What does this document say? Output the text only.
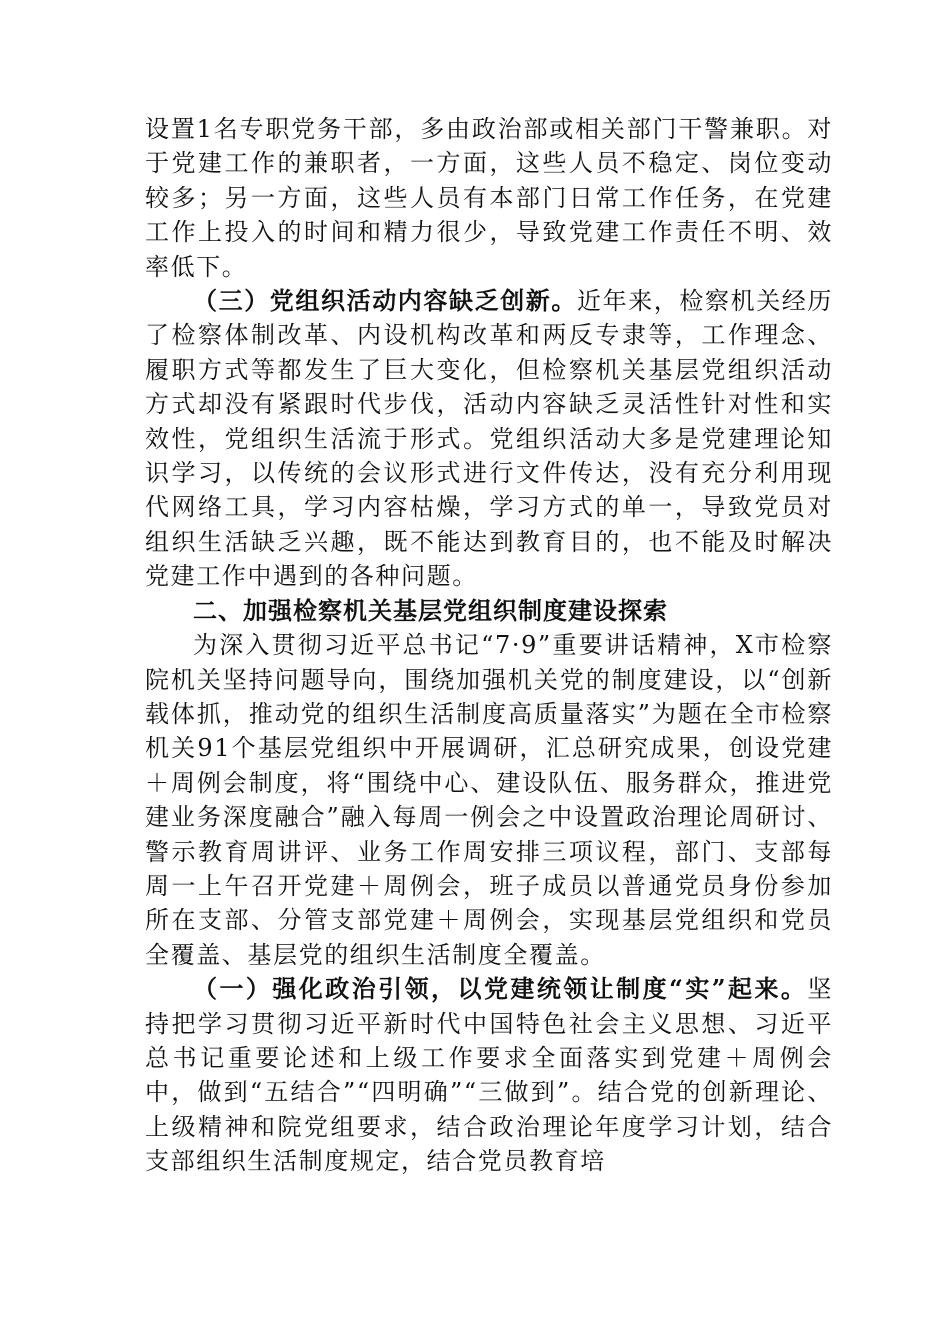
设置1名专职党务干部，多由政治部或相关部门干警兼职。对于党建工作的兼职者，一方面，这些人员不稳定、岗位变动较多；另一方面，这些人员有本部门日常工作任务，在党建工作上投入的时间和精力很少，导致党建工作责任不明、效率低下。

（三）党组织活动内容缺乏创新。近年来，检察机关经历了检察体制改革、内设机构改革和两反专隶等，工作理念、履职方式等都发生了巨大变化，但检察机关基层党组织活动方式却没有紧跟时代步伐，活动内容缺乏灵活性针对性和实效性，党组织生活流于形式。党组织活动大多是党建理论知识学习，以传统的会议形式进行文件传达，没有充分利用现代网络工具，学习内容枯燥，学习方式的单一，导致党员对组织生活缺乏兴趣，既不能达到教育目的，也不能及时解决党建工作中遇到的各种问题。

二、加强检察机关基层党组织制度建设探索

为深入贯彻习近平总书记“7·9”重要讲话精神，X市检察院机关坚持问题导向，围绕加强机关党的制度建设，以“创新载体抓，推动党的组织生活制度高质量落实”为题在全市检察机关91个基层党组织中开展调研，汇总研究成果，创设党建＋周例会制度，将“围绕中心、建设队伍、服务群众，推进党建业务深度融合”融入每周一例会之中设置政治理论周研讨、警示教育周讲评、业务工作周安排三项议程，部门、支部每周一上午召开党建＋周例会，班子成员以普通党员身份参加所在支部、分管支部党建＋周例会，实现基层党组织和党员全覆盖、基层党的组织生活制度全覆盖。

（一）强化政治引领，以党建统领让制度“实”起来。坚持把学习贯彻习近平新时代中国特色社会主义思想、习近平总书记重要论述和上级工作要求全面落实到党建＋周例会中，做到“五结合”“四明确”“三做到”。结合党的创新理论、上级精神和院党组要求，结合政治理论年度学习计划，结合支部组织生活制度规定，结合党员教育培
